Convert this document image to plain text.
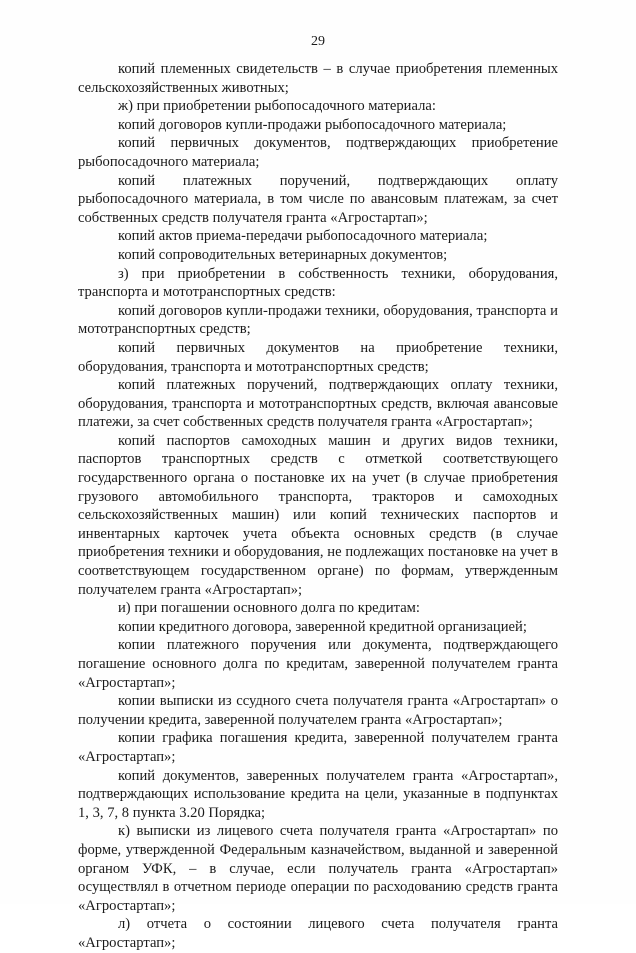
29

копий племенных свидетельств – в случае приобретения племенных сельскохозяйственных животных;

ж) при приобретении рыбопосадочного материала:

копий договоров купли-продажи рыбопосадочного материала;

копий первичных документов, подтверждающих приобретение рыбопосадочного материала;

копий платежных поручений, подтверждающих оплату рыбопосадочного материала, в том числе по авансовым платежам, за счет собственных средств получателя гранта «Агростартап»;

копий актов приема-передачи рыбопосадочного материала;

копий сопроводительных ветеринарных документов;

з) при приобретении в собственность техники, оборудования, транспорта и мототранспортных средств:

копий договоров купли-продажи техники, оборудования, транспорта и мототранспортных средств;

копий первичных документов на приобретение техники, оборудования, транспорта и мототранспортных средств;

копий платежных поручений, подтверждающих оплату техники, оборудования, транспорта и мототранспортных средств, включая авансовые платежи, за счет собственных средств получателя гранта «Агростартап»;

копий паспортов самоходных машин и других видов техники, паспортов транспортных средств с отметкой соответствующего государственного органа о постановке их на учет (в случае приобретения грузового автомобильного транспорта, тракторов и самоходных сельскохозяйственных машин) или копий технических паспортов и инвентарных карточек учета объекта основных средств (в случае приобретения техники и оборудования, не подлежащих постановке на учет в соответствующем государственном органе) по формам, утвержденным получателем гранта «Агростартап»;

и) при погашении основного долга по кредитам:

копии кредитного договора, заверенной кредитной организацией;

копии платежного поручения или документа, подтверждающего погашение основного долга по кредитам, заверенной получателем гранта «Агростартап»;

копии выписки из ссудного счета получателя гранта «Агростартап» о получении кредита, заверенной получателем гранта «Агростартап»;

копии графика погашения кредита, заверенной получателем гранта «Агростартап»;

копий документов, заверенных получателем гранта «Агростартап», подтверждающих использование кредита на цели, указанные в подпунктах 1, 3, 7, 8 пункта 3.20 Порядка;

к) выписки из лицевого счета получателя гранта «Агростартап» по форме, утвержденной Федеральным казначейством, выданной и заверенной органом УФК, – в случае, если получатель гранта «Агростартап» осуществлял в отчетном периоде операции по расходованию средств гранта «Агростартап»;

л) отчета о состоянии лицевого счета получателя гранта «Агростартап»;
